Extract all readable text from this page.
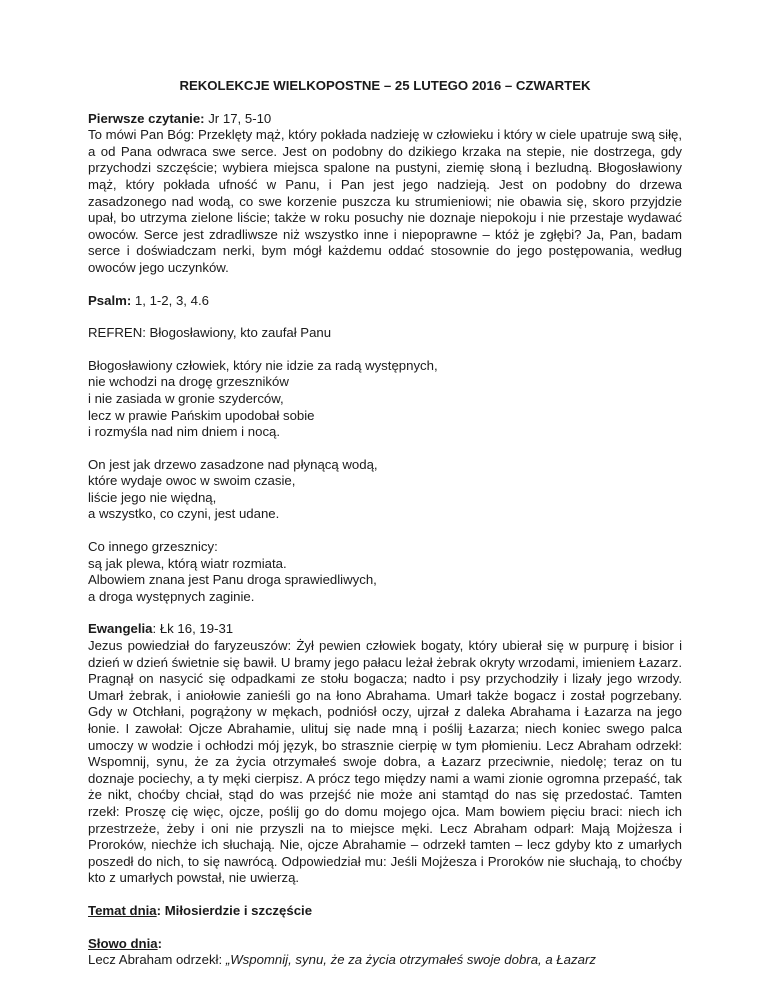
REKOLEKCJE WIELKOPOSTNE – 25 LUTEGO 2016 – CZWARTEK

Pierwsze czytanie: Jr 17, 5-10

To mówi Pan Bóg: Przeklęty mąż, który pokłada nadzieję w człowieku i który w ciele upatruje swą siłę, a od Pana odwraca swe serce. Jest on podobny do dzikiego krzaka na stepie, nie dostrzega, gdy przychodzi szczęście; wybiera miejsca spalone na pustyni, ziemię słoną i bezludną. Błogosławiony mąż, który pokłada ufność w Panu, i Pan jest jego nadzieją. Jest on podobny do drzewa zasadzonego nad wodą, co swe korzenie puszcza ku strumieniowi; nie obawia się, skoro przyjdzie upał, bo utrzyma zielone liście; także w roku posuchy nie doznaje niepokoju i nie przestaje wydawać owoców. Serce jest zdradliwsze niż wszystko inne i niepoprawne – któż je zgłębi? Ja, Pan, badam serce i doświadczam nerki, bym mógł każdemu oddać stosownie do jego postępowania, według owoców jego uczynków.

Psalm: 1, 1-2, 3, 4.6

REFREN: Błogosławiony, kto zaufał Panu

Błogosławiony człowiek, który nie idzie za radą występnych,
nie wchodzi na drogę grzeszników
i nie zasiada w gronie szyderców,
lecz w prawie Pańskim upodobał sobie
i rozmyśla nad nim dniem i nocą.

On jest jak drzewo zasadzone nad płynącą wodą,
które wydaje owoc w swoim czasie,
liście jego nie więdną,
a wszystko, co czyni, jest udane.

Co innego grzesznicy:
są jak plewa, którą wiatr rozmiata.
Albowiem znana jest Panu droga sprawiedliwych,
a droga występnych zaginie.

Ewangelia: Łk 16, 19-31

Jezus powiedział do faryzeuszów: Żył pewien człowiek bogaty, który ubierał się w purpurę i bisior i dzień w dzień świetnie się bawił. U bramy jego pałacu leżał żebrak okryty wrzodami, imieniem Łazarz. Pragnął on nasycić się odpadkami ze stołu bogacza; nadto i psy przychodziły i lizały jego wrzody. Umarł żebrak, i aniołowie zanieśli go na łono Abrahama. Umarł także bogacz i został pogrzebany. Gdy w Otchłani, pogrążony w mękach, podniósł oczy, ujrzał z daleka Abrahama i Łazarza na jego łonie. I zawołał: Ojcze Abrahamie, ulituj się nade mną i poślij Łazarza; niech koniec swego palca umoczy w wodzie i ochłodzi mój język, bo strasznie cierpię w tym płomieniu. Lecz Abraham odrzekł: Wspomnij, synu, że za życia otrzymałeś swoje dobra, a Łazarz przeciwnie, niedolę; teraz on tu doznaje pociechy, a ty męki cierpisz. A prócz tego między nami a wami zionie ogromna przepaść, tak że nikt, choćby chciał, stąd do was przejść nie może ani stamtąd do nas się przedostać. Tamten rzekł: Proszę cię więc, ojcze, poślij go do domu mojego ojca. Mam bowiem pięciu braci: niech ich przestrzeże, żeby i oni nie przyszli na to miejsce męki. Lecz Abraham odparł: Mają Mojżesza i Proroków, niechże ich słuchają. Nie, ojcze Abrahamie – odrzekł tamten – lecz gdyby kto z umarłych poszedł do nich, to się nawrócą. Odpowiedział mu: Jeśli Mojżesza i Proroków nie słuchają, to choćby kto z umarłych powstał, nie uwierzą.

Temat dnia: Miłosierdzie i szczęście

Słowo dnia:

Lecz Abraham odrzekł: „Wspomnij, synu, że za życia otrzymałeś swoje dobra, a Łazarz
